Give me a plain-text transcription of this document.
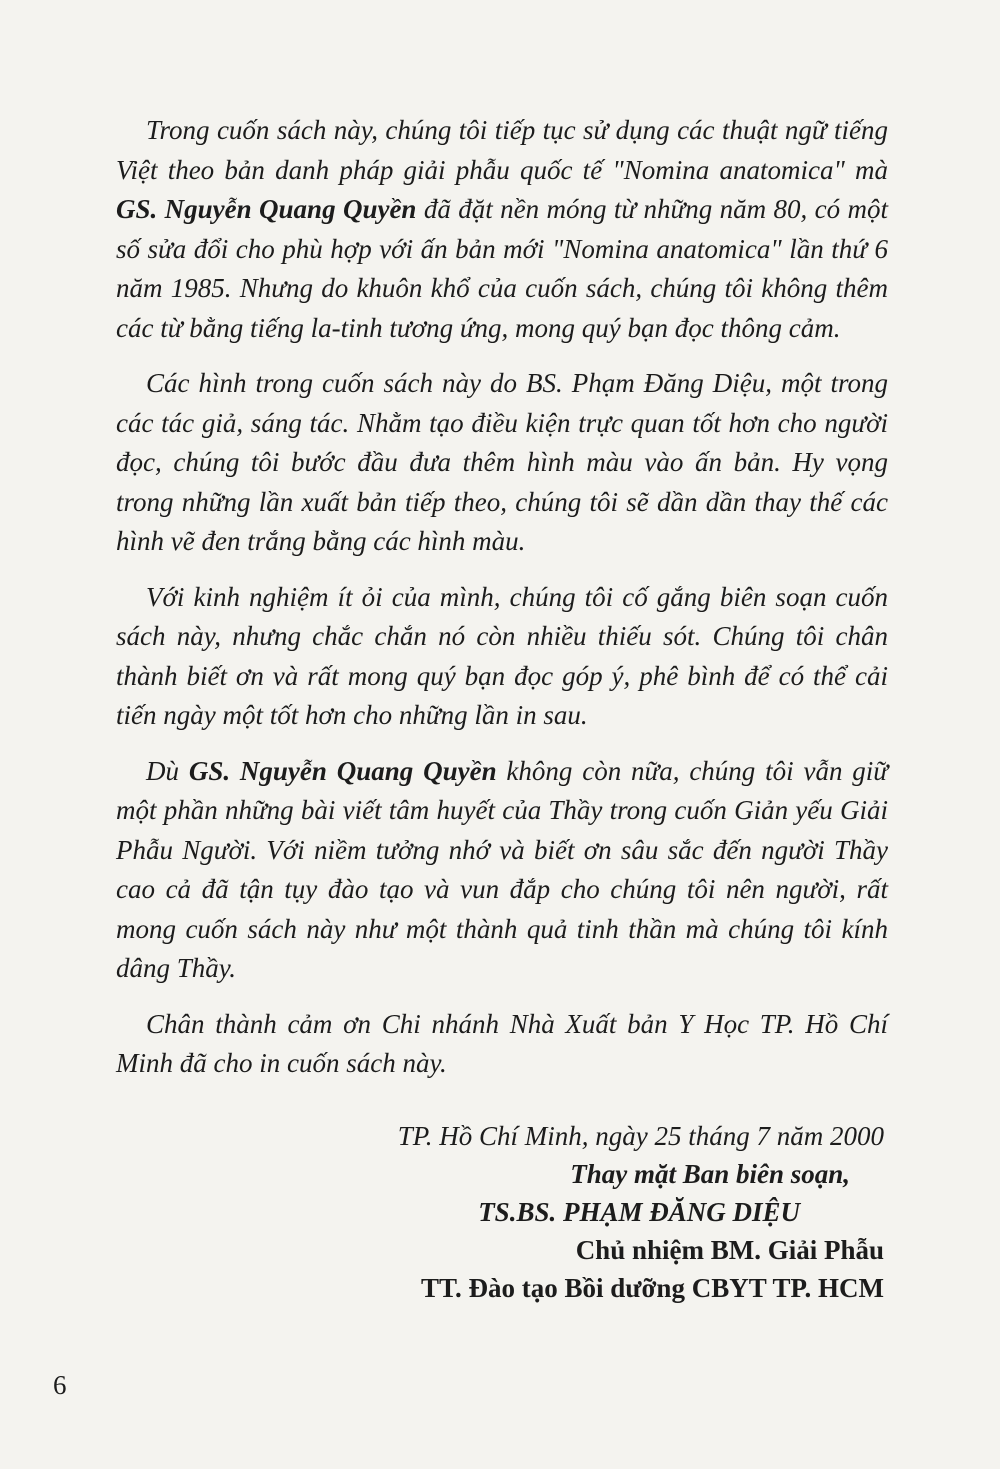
Trong cuốn sách này, chúng tôi tiếp tục sử dụng các thuật ngữ tiếng Việt theo bản danh pháp giải phẫu quốc tế "Nomina anatomica" mà GS. Nguyễn Quang Quyền đã đặt nền móng từ những năm 80, có một số sửa đổi cho phù hợp với ấn bản mới "Nomina anatomica" lần thứ 6 năm 1985. Nhưng do khuôn khổ của cuốn sách, chúng tôi không thêm các từ bằng tiếng la-tinh tương ứng, mong quý bạn đọc thông cảm.

Các hình trong cuốn sách này do BS. Phạm Đăng Diệu, một trong các tác giả, sáng tác. Nhằm tạo điều kiện trực quan tốt hơn cho người đọc, chúng tôi bước đầu đưa thêm hình màu vào ấn bản. Hy vọng trong những lần xuất bản tiếp theo, chúng tôi sẽ dần dần thay thế các hình vẽ đen trắng bằng các hình màu.

Với kinh nghiệm ít ỏi của mình, chúng tôi cố gắng biên soạn cuốn sách này, nhưng chắc chắn nó còn nhiều thiếu sót. Chúng tôi chân thành biết ơn và rất mong quý bạn đọc góp ý, phê bình để có thể cải tiến ngày một tốt hơn cho những lần in sau.

Dù GS. Nguyễn Quang Quyền không còn nữa, chúng tôi vẫn giữ một phần những bài viết tâm huyết của Thầy trong cuốn Giản yếu Giải Phẫu Người. Với niềm tưởng nhớ và biết ơn sâu sắc đến người Thầy cao cả đã tận tụy đào tạo và vun đắp cho chúng tôi nên người, rất mong cuốn sách này như một thành quả tinh thần mà chúng tôi kính dâng Thầy.

Chân thành cảm ơn Chi nhánh Nhà Xuất bản Y Học TP. Hồ Chí Minh đã cho in cuốn sách này.

TP. Hồ Chí Minh, ngày 25 tháng 7 năm 2000
Thay mặt Ban biên soạn,
TS.BS. PHẠM ĐĂNG DIỆU
Chủ nhiệm BM. Giải Phẫu
TT. Đào tạo Bồi dưỡng CBYT TP. HCM
6
